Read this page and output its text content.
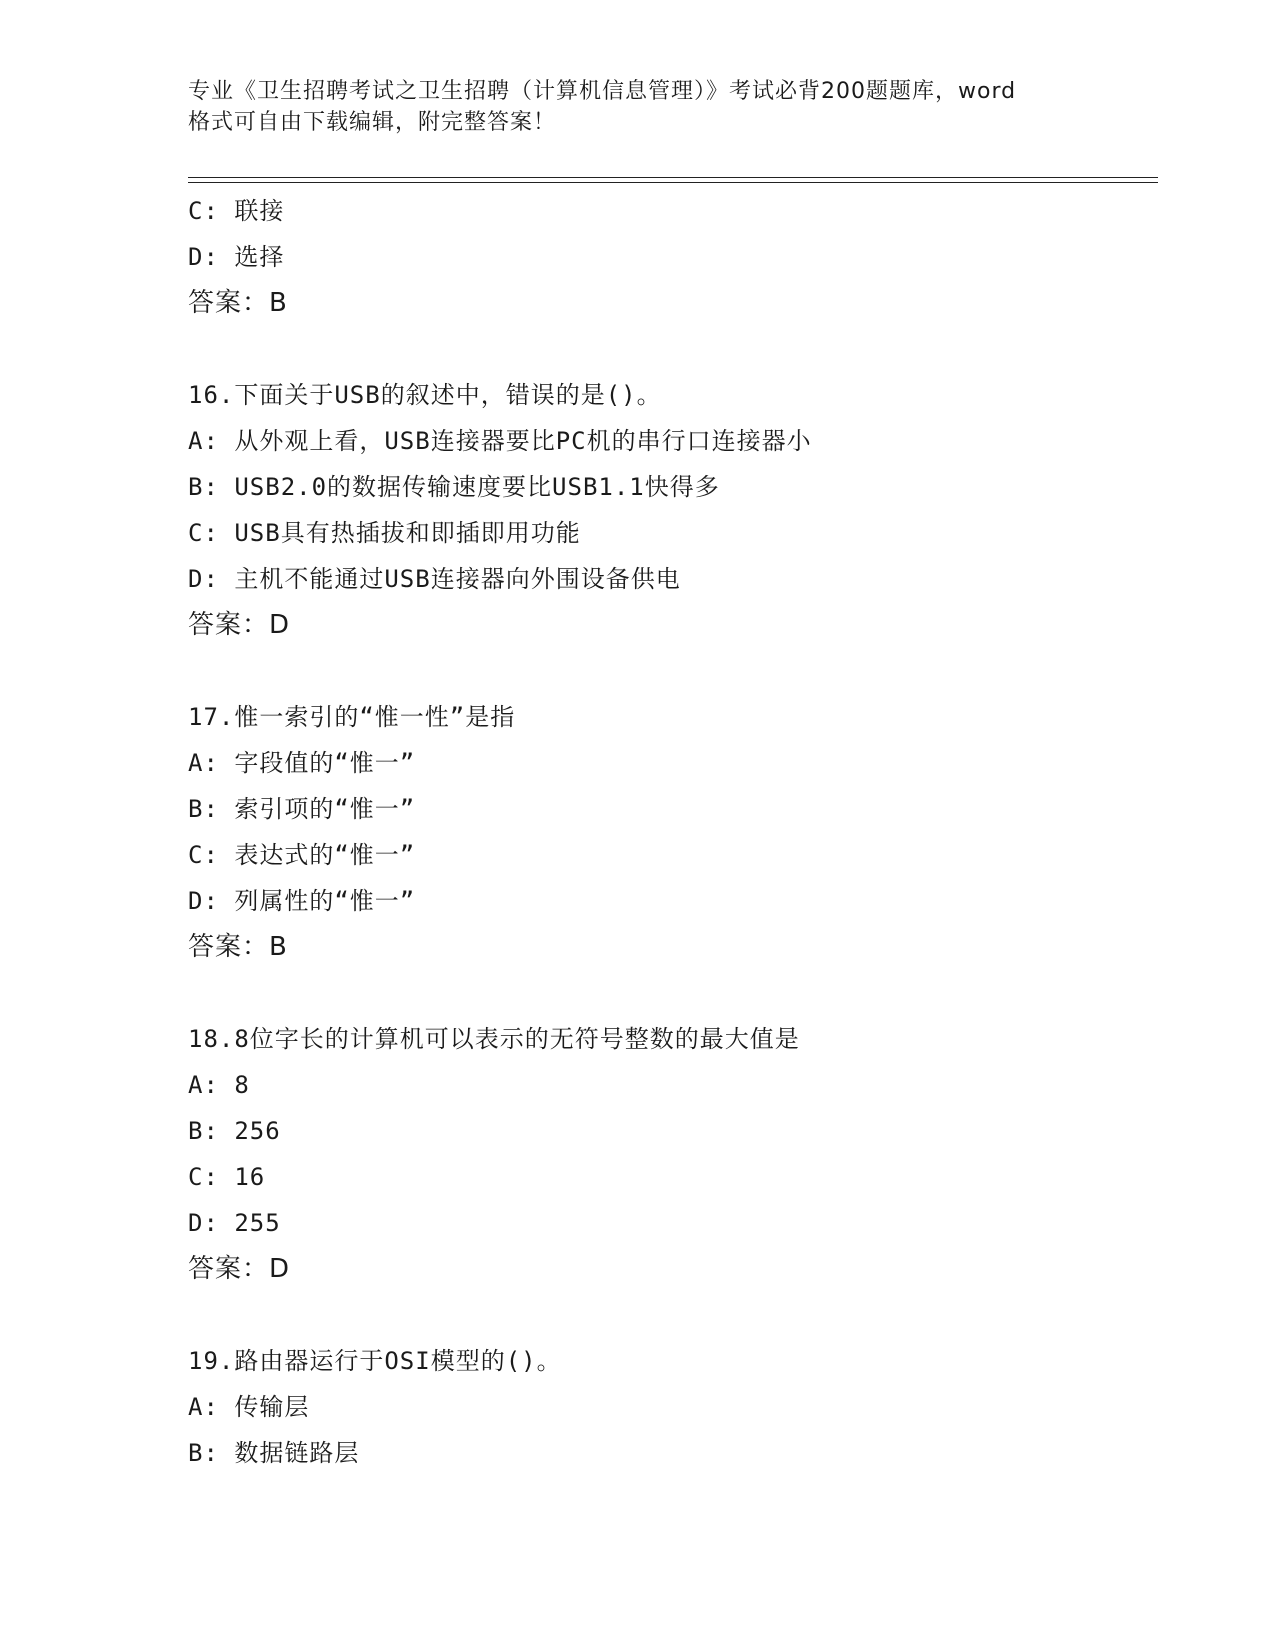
专业《卫生招聘考试之卫生招聘（计算机信息管理）》考试必背200题题库，word
格式可自由下载编辑，附完整答案！
C: 联接
D: 选择
答案：B
16.下面关于USB的叙述中，错误的是()。
A: 从外观上看，USB连接器要比PC机的串行口连接器小
B: USB2.0的数据传输速度要比USB1.1快得多
C: USB具有热插拔和即插即用功能
D: 主机不能通过USB连接器向外围设备供电
答案：D
17.惟一索引的“惟一性”是指
A: 字段值的“惟一”
B: 索引项的“惟一”
C: 表达式的“惟一”
D: 列属性的“惟一”
答案：B
18.8位字长的计算机可以表示的无符号整数的最大值是
A: 8
B: 256
C: 16
D: 255
答案：D
19.路由器运行于OSI模型的()。
A: 传输层
B: 数据链路层
